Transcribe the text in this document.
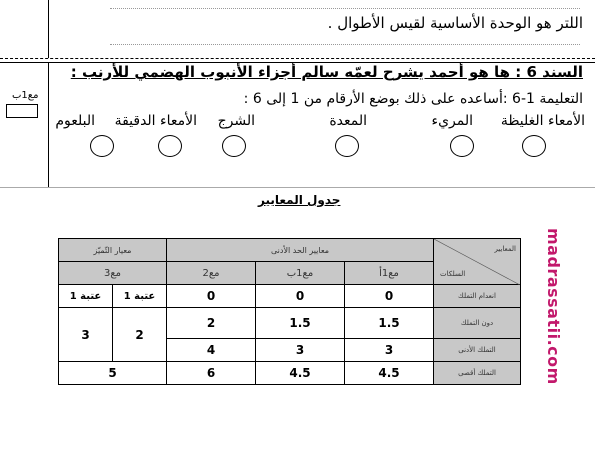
اللتر هو الوحدة الأساسية لقيس الأطوال .
السند 6 : ها هو أحمد يشرح لعمّه سالم أجزاء الأنبوب الهضمي للأرنب :
مع1ب	التعليمة 1-6 :أساعده على ذلك بوضع الأرقام من 1 إلى 6 :
الأمعاء الغليظة
المريء
المعدة
الشرج
الأمعاء الدقيقة
البلعوم
جدول المعايير
المعايير
السلكات	معايير الحد الأدنى			معيار التّميّز	
	مع1أ	مع1ب	مع2	مع3	
انعدام التملك	0	0	0	عتبة 1	عتبة 1
دون التملك	1.5	1.5	2	2	3
التملك الأدنى	3	3	4		
التملك أقصى	4.5	4.5	6	5		madrassatii.com
